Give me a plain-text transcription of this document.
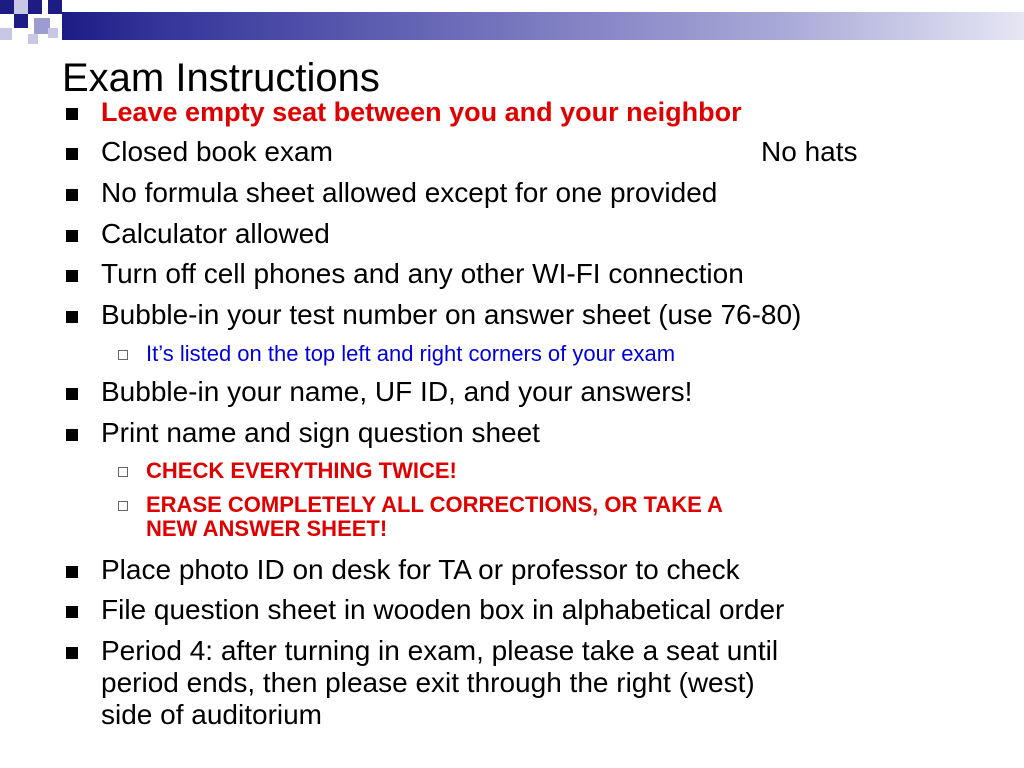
Exam Instructions
Leave empty seat between you and your neighbor
Closed book exam	No hats
No formula sheet allowed except for one provided
Calculator allowed
Turn off cell phones and any other WI-FI connection
Bubble-in your test number on answer sheet (use 76-80)
It’s listed on the top left and right corners of your exam
Bubble-in your name, UF ID, and your answers!
Print name and sign question sheet
CHECK EVERYTHING TWICE!
ERASE COMPLETELY ALL CORRECTIONS, OR TAKE A
NEW ANSWER SHEET!
Place photo ID on desk for TA or professor to check
File question sheet in wooden box in alphabetical order
Period 4: after turning in exam, please take a seat until
period ends, then please exit through the right (west)
side of auditorium
